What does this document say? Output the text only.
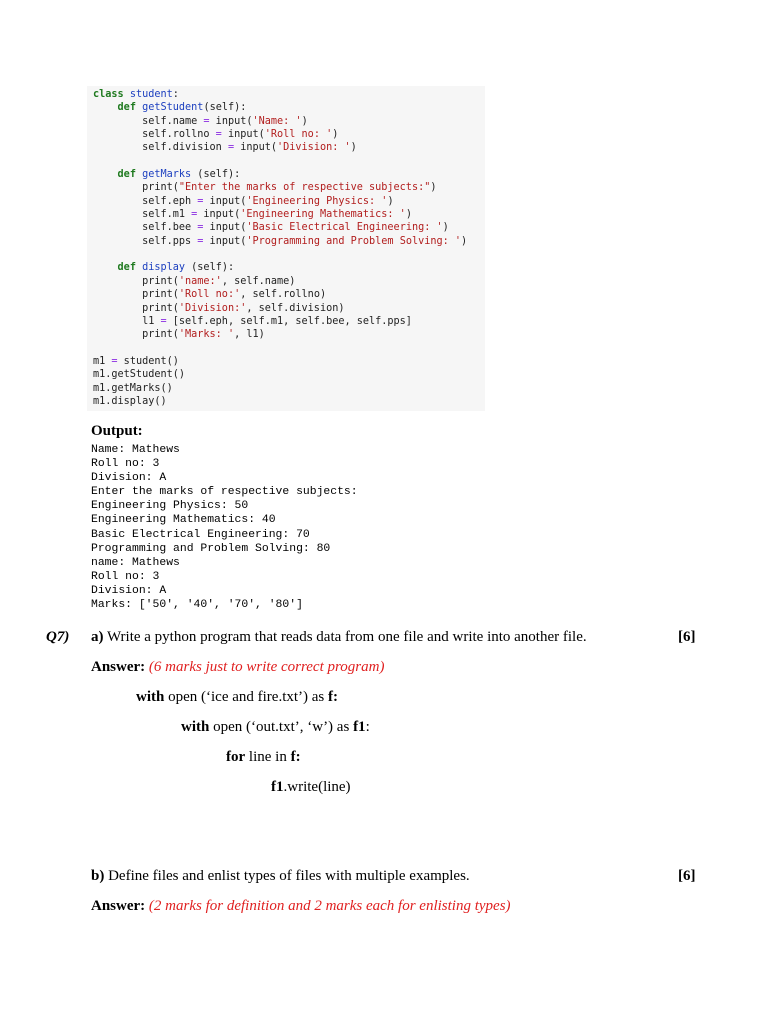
class student:
def getStudent(self):
self.name = input('Name: ')
self.rollno = input('Roll no: ')
self.division = input('Division: ')

def getMarks (self):
print("Enter the marks of respective subjects:")
self.eph = input('Engineering Physics: ')
self.m1 = input('Engineering Mathematics: ')
self.bee = input('Basic Electrical Engineering: ')
self.pps = input('Programming and Problem Solving: ')

def display (self):
print('name:', self.name)
print('Roll no:', self.rollno)
print('Division:', self.division)
l1 = [self.eph, self.m1, self.bee, self.pps]
print('Marks: ', l1)

m1 = student()
m1.getStudent()
m1.getMarks()
m1.display()
Output:
Name: Mathews
Roll no: 3
Division: A
Enter the marks of respective subjects:
Engineering Physics: 50
Engineering Mathematics: 40
Basic Electrical Engineering: 70
Programming and Problem Solving: 80
name: Mathews
Roll no: 3
Division: A
Marks: ['50', '40', '70', '80']
Q7) a) Write a python program that reads data from one file and write into another file.	[6]
Answer: (6 marks just to write correct program)
with open (‘ice and fire.txt’) as f:
with open (‘out.txt’, ‘w’) as f1:
for line in f:
f1.write(line)
b) Define files and enlist types of files with multiple examples.	[6]
Answer: (2 marks for definition and 2 marks each for enlisting types)
